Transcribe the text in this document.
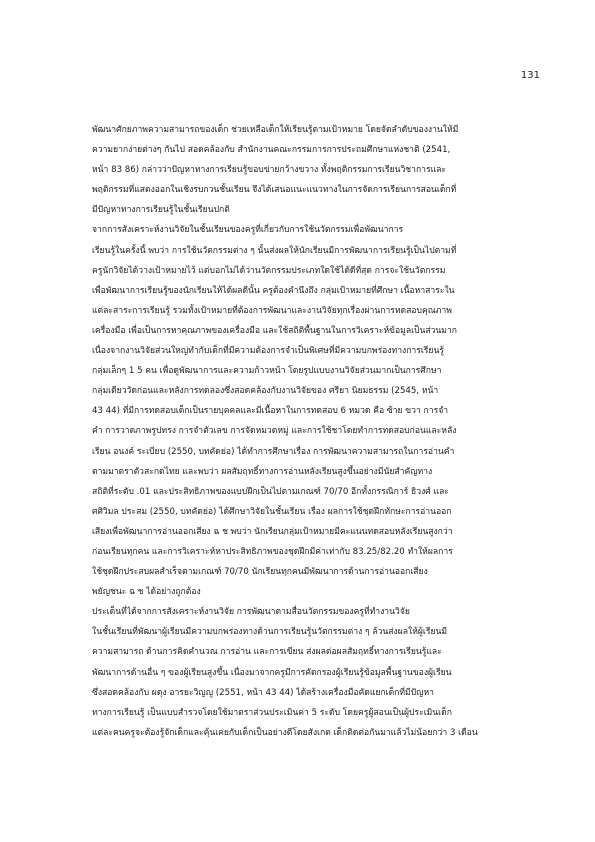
131
พัฒนาศักยภาพความสามารถของเด็ก ช่วยเหลือเด็กให้เรียนรู้ตามเป้าหมาย โดยจัดลำดับของงานให้มี
ความยากง่ายต่างๆ กันไป สอดคล้องกับ สำนักงานคณะกรรมการการประถมศึกษาแห่งชาติ (2541,
หน้า 83 86) กล่าวว่าปัญหาทางการเรียนรู้ขอบข่ายกว้างขวาง ทั้งพฤติกรรมการเรียนวิชาการและ
พฤติกรรมที่แสดงออกในเชิงรบกวนชั้นเรียน จึงได้เสนอแนะแนวทางในการจัดการเรียนการสอนเด็กที่
มีปัญหาทางการเรียนรู้ในชั้นเรียนปกติ
จากการสังเคราะห์งานวิจัยในชั้นเรียนของครูที่เกี่ยวกับการใช้นวัตกรรมเพื่อพัฒนาการ
เรียนรู้ในครั้งนี้ พบว่า การใช้นวัตกรรมต่าง ๆ นั้นส่งผลให้นักเรียนมีการพัฒนาการเรียนรู้เป็นไปตามที่
ครูนักวิจัยได้วางเป้าหมายไว้ แต่บอกไม่ได้ว่านวัตกรรมประเภทใดใช้ได้ดีที่สุด การจะใช้นวัตกรรม
เพื่อพัฒนาการเรียนรู้ของนักเรียนให้ได้ผลดีนั้น ครูต้องคำนึงถึง กลุ่มเป้าหมายที่ศึกษา เนื้อหาสาระใน
แต่ละสาระการเรียนรู้ รวมทั้งเป้าหมายที่ต้องการพัฒนาและงานวิจัยทุกเรื่องผ่านการทดสอบคุณภาพ
เครื่องมือ เพื่อเป็นการหาคุณภาพของเครื่องมือ และใช้สถิติพื้นฐานในการวิเคราะห์ข้อมูลเป็นส่วนมาก
เนื่องจากงานวิจัยส่วนใหญ่ทำกับเด็กที่มีความต้องการจำเป็นพิเศษที่มีความบกพร่องทางการเรียนรู้
กลุ่มเล็กๆ 1 5 คน เพื่อดูพัฒนาการและความก้าวหน้า โดยรูปแบบงานวิจัยส่วนมากเป็นการศึกษา
กลุ่มเดียววัดก่อนและหลังการทดลองซึ่งสอดคล้องกับงานวิจัยของ ศรียา นิยมธรรม (2545, หน้า
43 44) ที่มีการทดสอบเด็กเป็นรายบุคคลและมีเนื้อหาในการทดสอบ 6 หมวด คือ ซ้าย ขวา การจำ
คำ การวาดภาพรูปทรง การจำตัวเลข การจัดหมวดหมู่ และการใช้ชาโดยทำการทดสอบก่อนและหลัง
เรียน อนงค์ ระเบียบ (2550, บทคัดย่อ) ได้ทำการศึกษาเรื่อง การพัฒนาความสามารถในการอ่านคำ
ตามมาตราตัวสะกดไทย และพบว่า ผลสัมฤทธิ์ทางการอ่านหลังเรียนสูงขึ้นอย่างมีนัยสำคัญทาง
สถิติที่ระดับ .01 และประสิทธิภาพของแบบฝึกเป็นไปตามเกณฑ์ 70/70 อีกทั้งกรรณิการ์ ธิวงศ์ และ
ศศิวิมล ประสม (2550, บทคัดย่อ) ได้ศึกษาวิจัยในชั้นเรียน เรื่อง ผลการใช้ชุดฝึกทักษะการอ่านออก
เสียงเพื่อพัฒนาการอ่านออกเสียง ฉ ช พบว่า นักเรียนกลุ่มเป้าหมายมีคะแนนทดสอบหลังเรียนสูงกว่า
ก่อนเรียนทุกคน และการวิเคราะห์หาประสิทธิภาพของชุดฝึกมีค่าเท่ากับ 83.25/82.20 ทำให้ผลการ
ใช้ชุดฝึกประสบผลสำเร็จตามเกณฑ์ 70/70 นักเรียนทุกคนมีพัฒนาการด้านการอ่านออกเสียง
พยัญชนะ ฉ ช ได้อย่างถูกต้อง
ประเด็นที่ได้จากการสังเคราะห์งานวิจัย การพัฒนาตามสื่อนวัตกรรมของครูที่ทำงานวิจัย
ในชั้นเรียนที่พัฒนาผู้เรียนมีความบกพร่องทางด้านการเรียนรู้นวัตกรรมต่าง ๆ ล้วนส่งผลให้ผู้เรียนมี
ความสามารถ ด้านการคิดคำนวณ การอ่าน และการเขียน ส่งผลต่อผลสัมฤทธิ์ทางการเรียนรู้และ
พัฒนาการด้านอื่น ๆ ของผู้เรียนสูงขึ้น เนื่องมาจากครูมีการคัดกรองผู้เรียนรู้ข้อมูลพื้นฐานของผู้เรียน
ซึ่งสอดคล้องกับ ผดุง อารยะวิญญู (2551, หน้า 43 44) ได้สร้างเครื่องมือคัดแยกเด็กที่มีปัญหา
ทางการเรียนรู้ เป็นแบบสำรวจโดยใช้มาตราส่วนประเมินค่า 5 ระดับ โดยครูผู้สอนเป็นผู้ประเมินเด็ก
แต่ละคนครูจะต้องรู้จักเด็กและคุ้นเคยกับเด็กเป็นอย่างดีโดยสังเกต เด็กติดต่อกันมาแล้วไม่น้อยกว่า 3 เดือน
